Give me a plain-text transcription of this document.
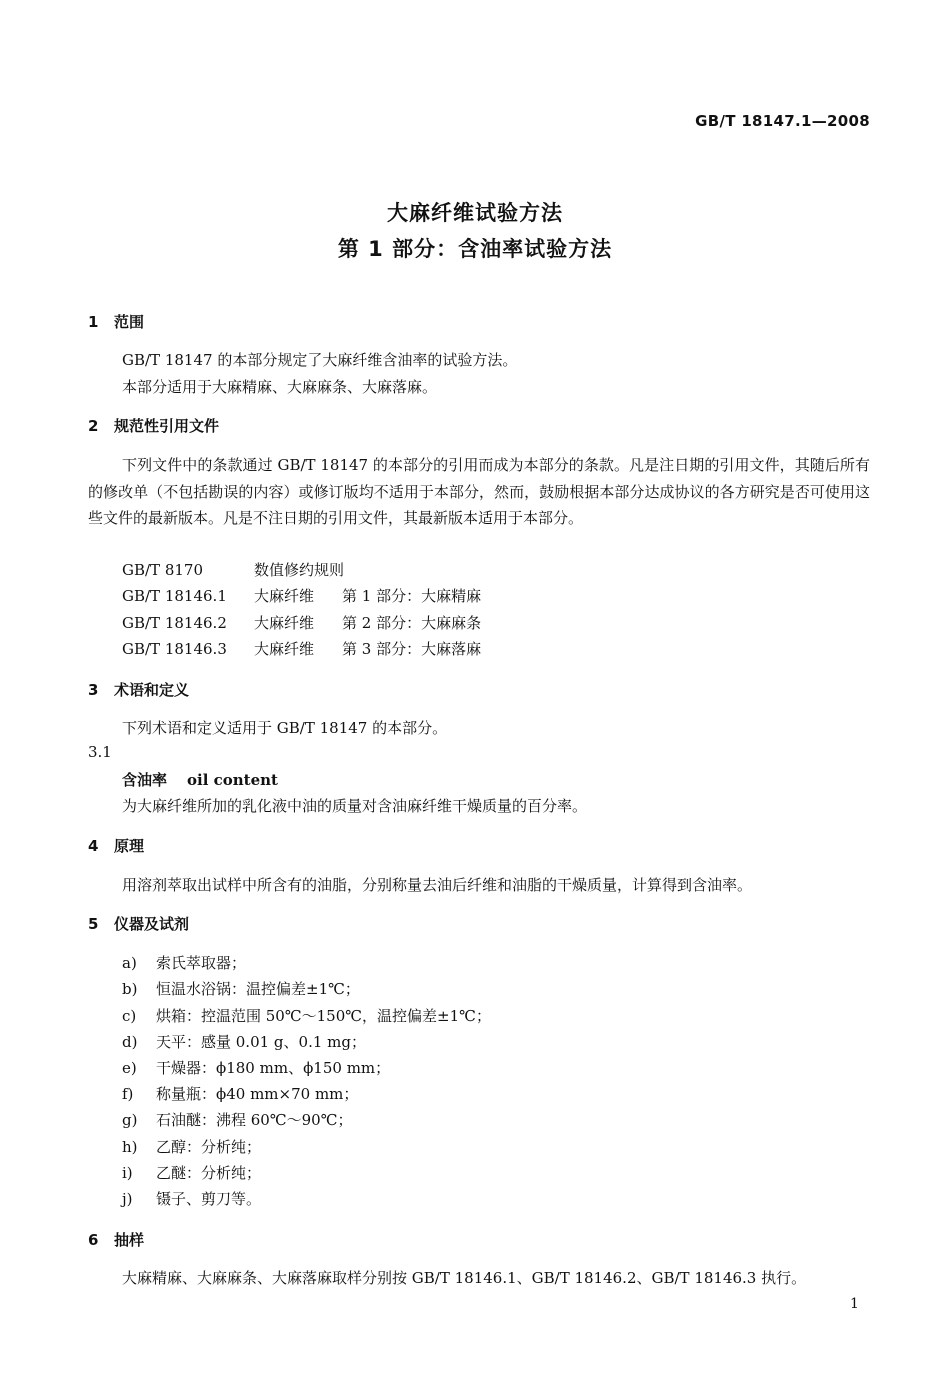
GB/T 18147.1—2008
大麻纤维试验方法
第 1 部分：含油率试验方法
1 范围
GB/T 18147 的本部分规定了大麻纤维含油率的试验方法。
本部分适用于大麻精麻、大麻麻条、大麻落麻。
2 规范性引用文件
下列文件中的条款通过 GB/T 18147 的本部分的引用而成为本部分的条款。凡是注日期的引用文件，其随后所有的修改单（不包括勘误的内容）或修订版均不适用于本部分，然而，鼓励根据本部分达成协议的各方研究是否可使用这些文件的最新版本。凡是不注日期的引用文件，其最新版本适用于本部分。
GB/T 8170	数值修约规则
GB/T 18146.1 大麻纤维 第 1 部分：大麻精麻
GB/T 18146.2 大麻纤维 第 2 部分：大麻麻条
GB/T 18146.3 大麻纤维 第 3 部分：大麻落麻
3 术语和定义
下列术语和定义适用于 GB/T 18147 的本部分。
3.1
含油率 oil content
为大麻纤维所加的乳化液中油的质量对含油麻纤维干燥质量的百分率。
4 原理
用溶剂萃取出试样中所含有的油脂，分别称量去油后纤维和油脂的干燥质量，计算得到含油率。
5 仪器及试剂
a) 索氏萃取器；
b) 恒温水浴锅：温控偏差±1℃；
c) 烘箱：控温范围 50℃～150℃，温控偏差±1℃；
d) 天平：感量 0.01 g、0.1 mg；
e) 干燥器：ϕ180 mm、ϕ150 mm；
f) 称量瓶：ϕ40 mm×70 mm；
g) 石油醚：沸程 60℃～90℃；
h) 乙醇：分析纯；
i) 乙醚：分析纯；
j) 镊子、剪刀等。
6 抽样
大麻精麻、大麻麻条、大麻落麻取样分别按 GB/T 18146.1、GB/T 18146.2、GB/T 18146.3 执行。
1
